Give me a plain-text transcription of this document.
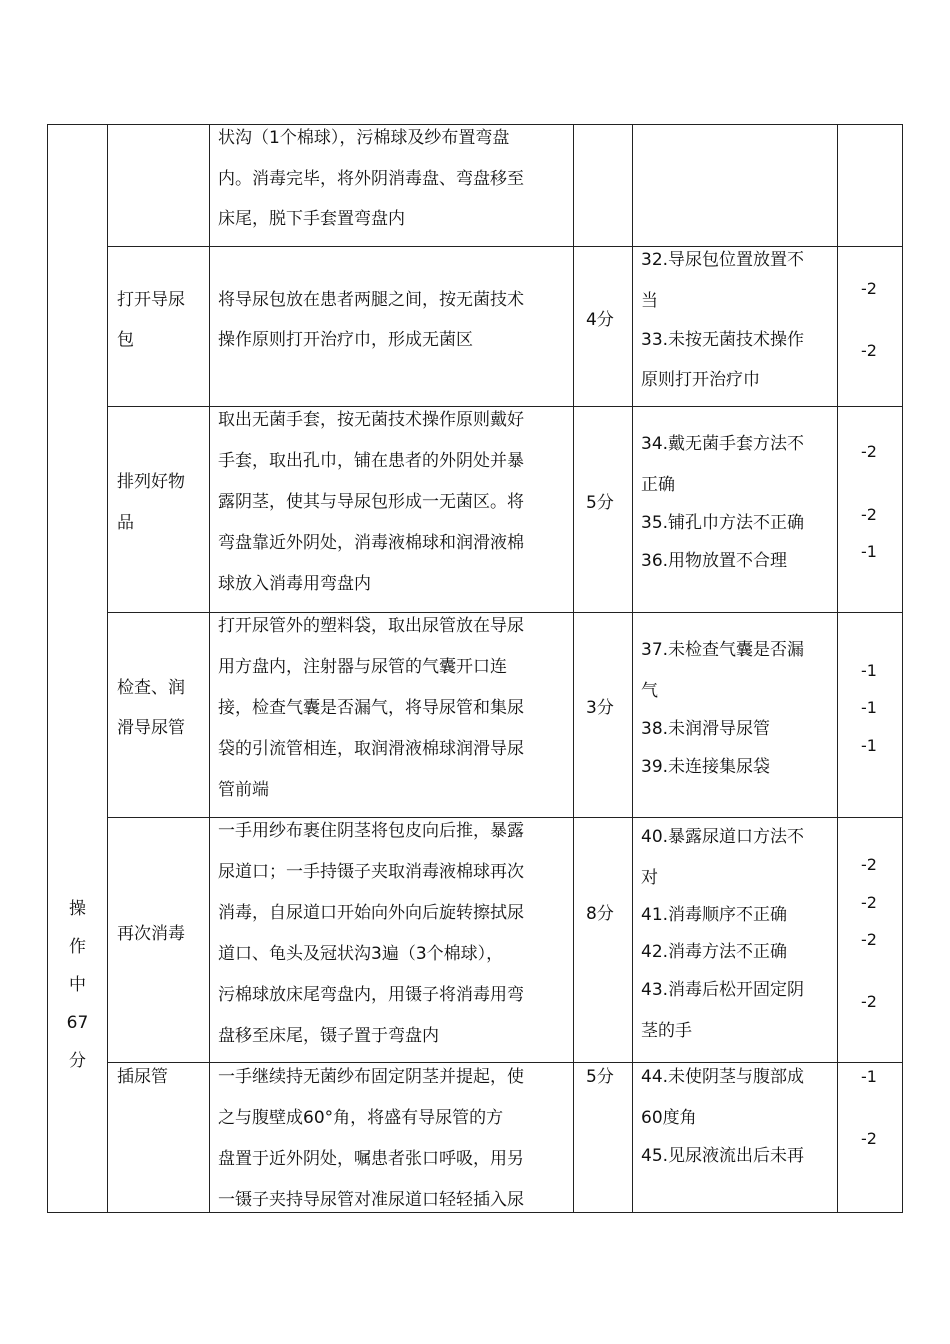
操
作
中
67
分
状沟（1个棉球），污棉球及纱布置弯盘
内。消毒完毕，将外阴消毒盘、弯盘移至
床尾，脱下手套置弯盘内
打开导尿
包
将导尿包放在患者两腿之间，按无菌技术
操作原则打开治疗巾，形成无菌区
4分
32.导尿包位置放置不
当
33.未按无菌技术操作
原则打开治疗巾
-2
-2
排列好物
品
取出无菌手套，按无菌技术操作原则戴好
手套，取出孔巾，铺在患者的外阴处并暴
露阴茎，使其与导尿包形成一无菌区。将
弯盘靠近外阴处，消毒液棉球和润滑液棉
球放入消毒用弯盘内
5分
34.戴无菌手套方法不
正确
35.铺孔巾方法不正确
36.用物放置不合理
-2
-2
-1
检查、润
滑导尿管
打开尿管外的塑料袋，取出尿管放在导尿
用方盘内，注射器与尿管的气囊开口连
接，检查气囊是否漏气，将导尿管和集尿
袋的引流管相连，取润滑液棉球润滑导尿
管前端
3分
37.未检查气囊是否漏
气
38.未润滑导尿管
39.未连接集尿袋
-1
-1
-1
再次消毒
一手用纱布裹住阴茎将包皮向后推，暴露
尿道口；一手持镊子夹取消毒液棉球再次
消毒，自尿道口开始向外向后旋转擦拭尿
道口、龟头及冠状沟3遍（3个棉球），
污棉球放床尾弯盘内，用镊子将消毒用弯
盘移至床尾，镊子置于弯盘内
8分
40.暴露尿道口方法不
对
41.消毒顺序不正确
42.消毒方法不正确
43.消毒后松开固定阴
茎的手
-2
-2
-2
-2
插尿管	一手继续持无菌纱布固定阴茎并提起，使
之与腹壁成60°角，将盛有导尿管的方
盘置于近外阴处，嘱患者张口呼吸，用另
一镊子夹持导尿管对准尿道口轻轻插入尿
5分 44.未使阴茎与腹部成
60度角
45.见尿液流出后未再
-1
-2
